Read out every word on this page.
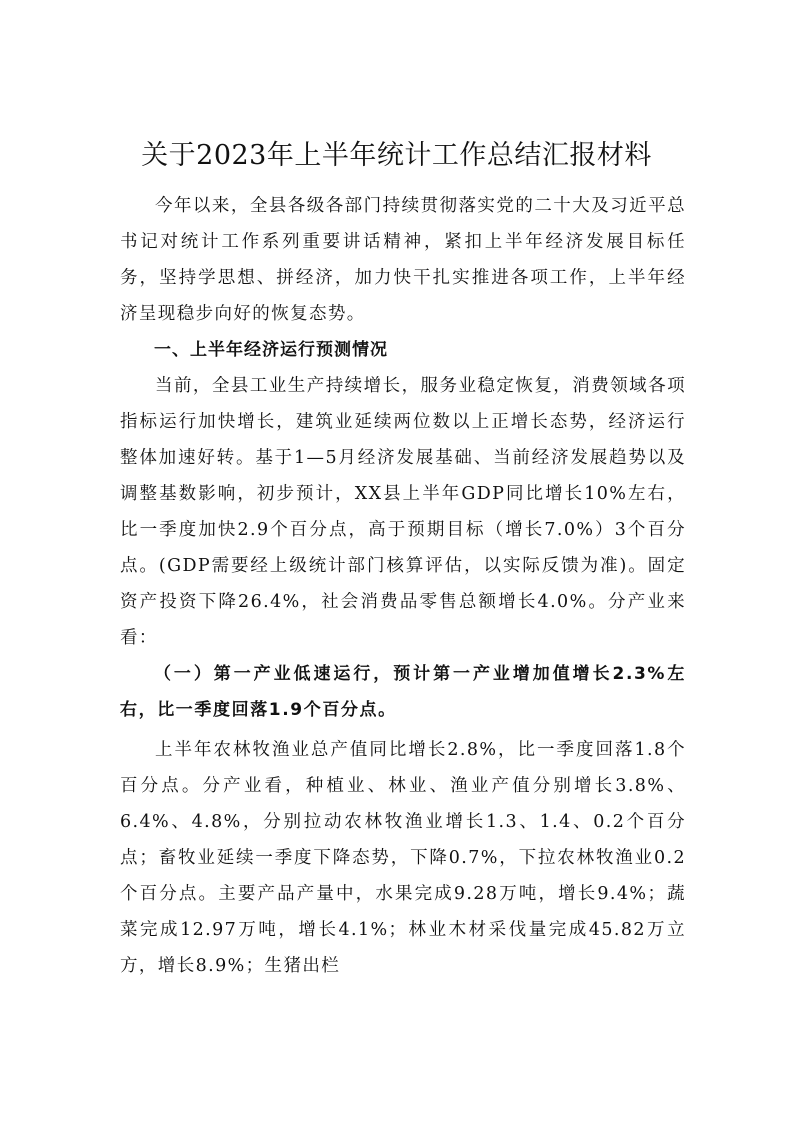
关于2023年上半年统计工作总结汇报材料

今年以来，全县各级各部门持续贯彻落实党的二十大及习近平总书记对统计工作系列重要讲话精神，紧扣上半年经济发展目标任务，坚持学思想、拼经济，加力快干扎实推进各项工作，上半年经济呈现稳步向好的恢复态势。

一、上半年经济运行预测情况

当前，全县工业生产持续增长，服务业稳定恢复，消费领域各项指标运行加快增长，建筑业延续两位数以上正增长态势，经济运行整体加速好转。基于1—5月经济发展基础、当前经济发展趋势以及调整基数影响，初步预计，XX县上半年GDP同比增长10%左右，比一季度加快2.9个百分点，高于预期目标（增长7.0%）3个百分点。(GDP需要经上级统计部门核算评估，以实际反馈为准)。固定资产投资下降26.4%，社会消费品零售总额增长4.0%。分产业来看：

（一）第一产业低速运行，预计第一产业增加值增长2.3%左右，比一季度回落1.9个百分点。

上半年农林牧渔业总产值同比增长2.8%，比一季度回落1.8个百分点。分产业看，种植业、林业、渔业产值分别增长3.8%、6.4%、4.8%，分别拉动农林牧渔业增长1.3、1.4、0.2个百分点；畜牧业延续一季度下降态势，下降0.7%，下拉农林牧渔业0.2个百分点。主要产品产量中，水果完成9.28万吨，增长9.4%；蔬菜完成12.97万吨，增长4.1%；林业木材采伐量完成45.82万立方，增长8.9%；生猪出栏
